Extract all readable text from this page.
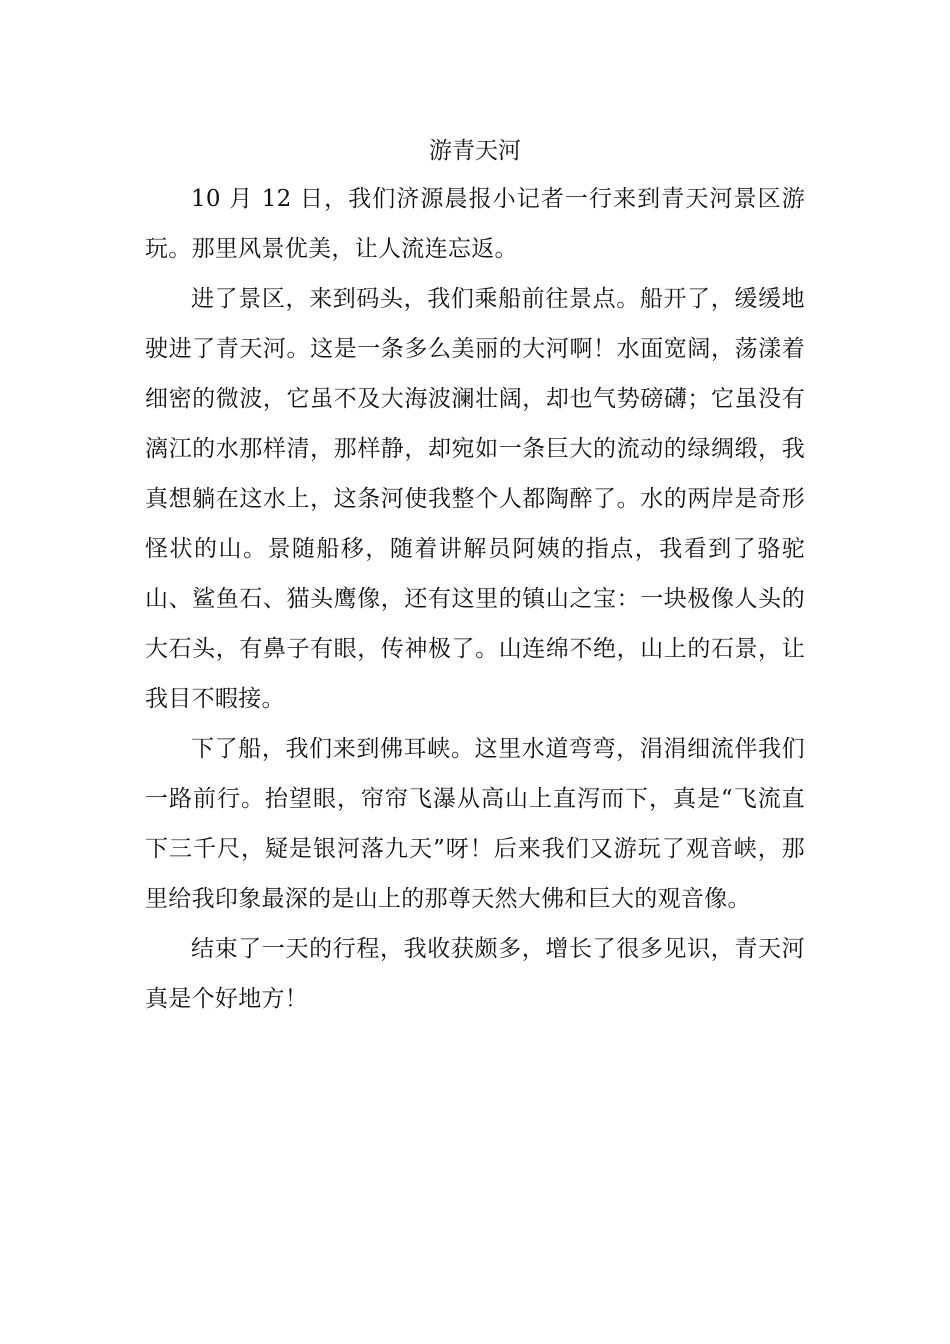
游青天河

10 月 12 日，我们济源晨报小记者一行来到青天河景区游玩。那里风景优美，让人流连忘返。

进了景区，来到码头，我们乘船前往景点。船开了，缓缓地驶进了青天河。这是一条多么美丽的大河啊！水面宽阔，荡漾着细密的微波，它虽不及大海波澜壮阔，却也气势磅礴；它虽没有漓江的水那样清，那样静，却宛如一条巨大的流动的绿绸缎，我真想躺在这水上，这条河使我整个人都陶醉了。水的两岸是奇形怪状的山。景随船移，随着讲解员阿姨的指点，我看到了骆驼山、鲨鱼石、猫头鹰像，还有这里的镇山之宝：一块极像人头的大石头，有鼻子有眼，传神极了。山连绵不绝，山上的石景，让我目不暇接。

下了船，我们来到佛耳峡。这里水道弯弯，涓涓细流伴我们一路前行。抬望眼，帘帘飞瀑从高山上直泻而下，真是“飞流直下三千尺，疑是银河落九天”呀！后来我们又游玩了观音峡，那里给我印象最深的是山上的那尊天然大佛和巨大的观音像。

结束了一天的行程，我收获颇多，增长了很多见识，青天河真是个好地方！
